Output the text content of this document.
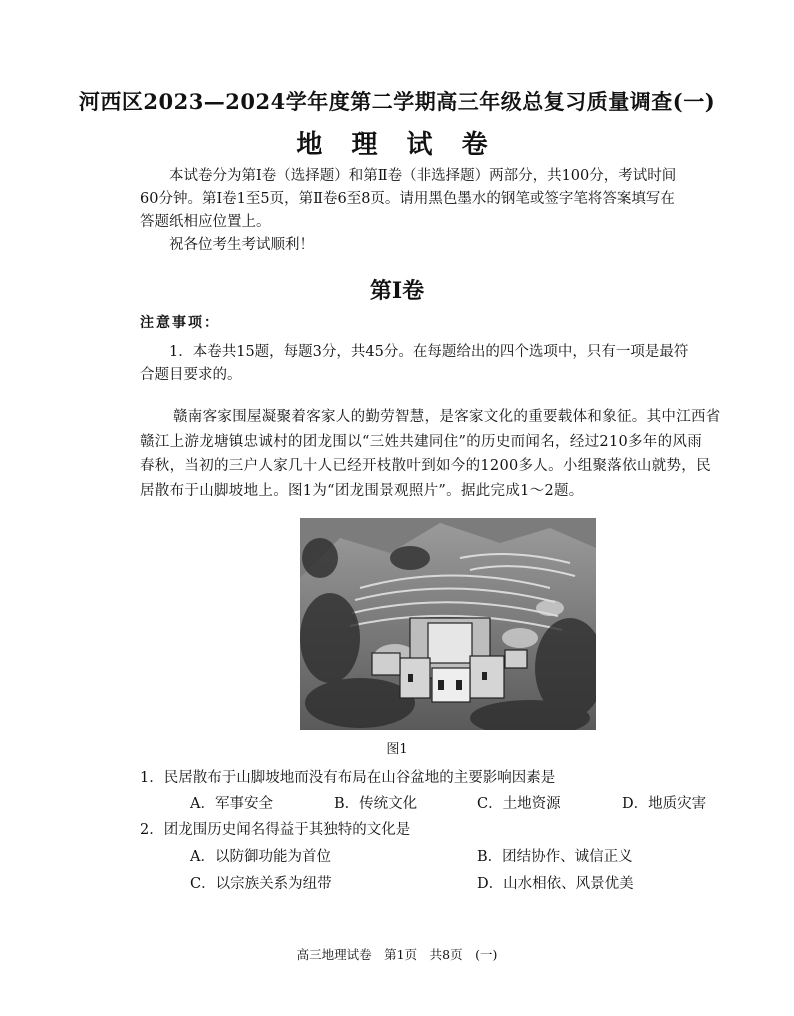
河西区2023—2024学年度第二学期高三年级总复习质量调查(一)
地 理 试 卷
本试卷分为第Ⅰ卷（选择题）和第Ⅱ卷（非选择题）两部分，共100分，考试时间
60分钟。第Ⅰ卷1至5页，第Ⅱ卷6至8页。请用黑色墨水的钢笔或签字笔将答案填写在
答题纸相应位置上。
祝各位考生考试顺利！
第Ⅰ卷
注意事项：
1．本卷共15题，每题3分，共45分。在每题给出的四个选项中，只有一项是最符
合题目要求的。
赣南客家围屋凝聚着客家人的勤劳智慧，是客家文化的重要载体和象征。其中江西省
赣江上游龙塘镇忠诚村的团龙围以“三姓共建同住”的历史而闻名，经过210多年的风雨
春秋，当初的三户人家几十人已经开枝散叶到如今的1200多人。小组聚落依山就势，民
居散布于山脚坡地上。图1为“团龙围景观照片”。据此完成1～2题。
图1
1．民居散布于山脚坡地而没有布局在山谷盆地的主要影响因素是
A．军事安全	B．传统文化	C．土地资源	D．地质灾害
2．团龙围历史闻名得益于其独特的文化是
A．以防御功能为首位	B．团结协作、诚信正义
C．以宗族关系为纽带	D．山水相依、风景优美
高三地理试卷　第1页　共8页　(一)
